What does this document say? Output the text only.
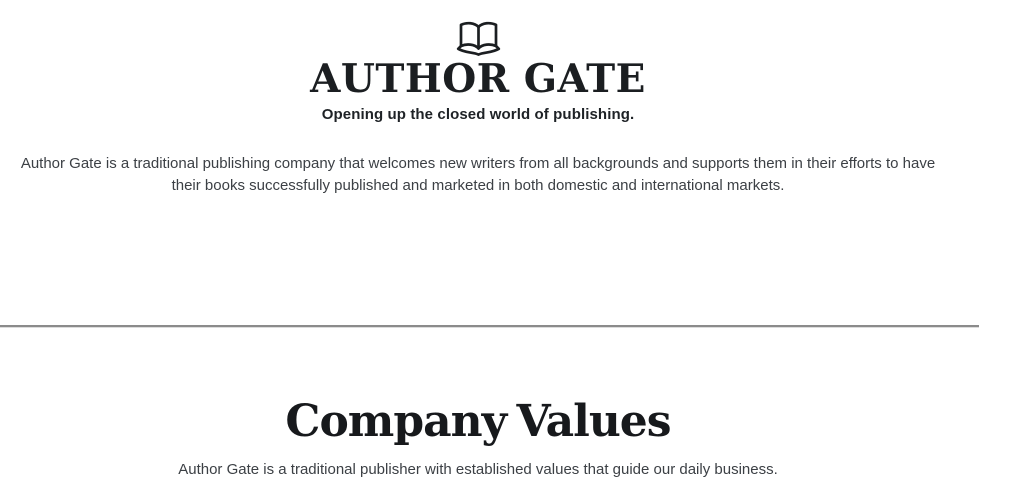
AUTHOR GATE

Opening up the closed world of publishing.

Author Gate is a traditional publishing company that welcomes new writers from all backgrounds and supports them in their efforts to have their books successfully published and marketed in both domestic and international markets.

Company Values

Author Gate is a traditional publisher with established values that guide our daily business.
